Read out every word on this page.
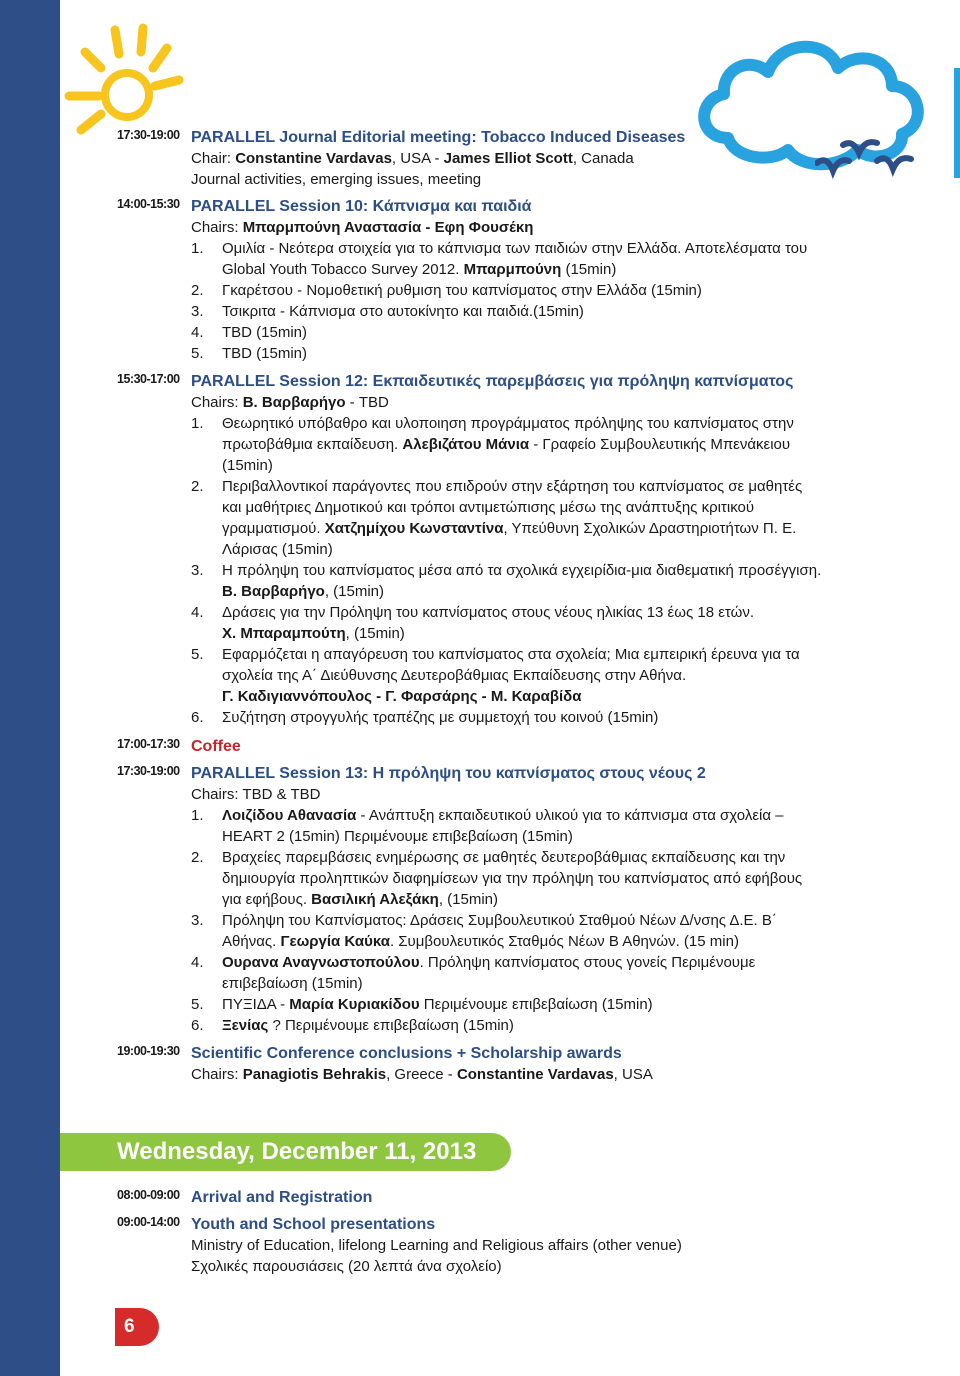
17:30-19:00 PARALLEL Journal Editorial meeting: Tobacco Induced Diseases
Chair: Constantine Vardavas, USA - James Elliot Scott, Canada
Journal activities, emerging issues, meeting
14:00-15:30 PARALLEL Session 10: Κάπνισμα και παιδιά
Chairs: Μπαρμπούνη Αναστασία - Εφη Φουσέκη
1. Ομιλία - Νεότερα στοιχεία για το κάπνισμα των παιδιών στην Ελλάδα. Αποτελέσματα του
Global Youth Tobacco Survey 2012. Μπαρμπούνη (15min)
2. Γκαρέτσου - Νομοθετική ρυθμιση του καπνίσματος στην Ελλάδα (15min)
3. Τσικριτα - Κάπνισμα στο αυτοκίνητο και παιδιά.(15min)
4. TBD (15min)
5. TBD (15min)
15:30-17:00 PARALLEL Session 12: Εκπαιδευτικές παρεμβάσεις για πρόληψη καπνίσματος
Chairs: Β. Βαρβαρήγο - TBD
1. Θεωρητικό υπόβαθρο και υλοποιηση προγράμματος πρόληψης του καπνίσματος στην
πρωτοβάθμια εκπαίδευση. Αλεβιζάτου Μάνια - Γραφείο Συμβουλευτικής Μπενάκειου
(15min)
2. Περιβαλλοντικοί παράγοντες που επιδρούν στην εξάρτηση του καπνίσματος σε μαθητές
και μαθήτριες Δημοτικού και τρόποι αντιμετώπισης μέσω της ανάπτυξης κριτικού
γραμματισμού. Χατζημίχου Κωνσταντίνα, Υπεύθυνη Σχολικών Δραστηριοτήτων Π. Ε.
Λάρισας (15min)
3. Η πρόληψη του καπνίσματος μέσα από τα σχολικά εγχειρίδια-μια διαθεματική προσέγγιση.
Β. Βαρβαρήγο, (15min)
4. Δράσεις για την Πρόληψη του καπνίσματος στους νέους ηλικίας 13 έως 18 ετών.
Χ. Μπαραμπούτη, (15min)
5. Εφαρμόζεται η απαγόρευση του καπνίσματος στα σχολεία; Μια εμπειρική έρευνα για τα
σχολεία της Α΄ Διεύθυνσης Δευτεροβάθμιας Εκπαίδευσης στην Αθήνα.
Γ. Καδιγιαννόπουλος - Γ. Φαρσάρης - Μ. Καραβίδα
6. Συζήτηση στρογγυλής τραπέζης με συμμετοχή του κοινού (15min)
17:00-17:30 Coffee
17:30-19:00 PARALLEL Session 13: Η πρόληψη του καπνίσματος στους νέους 2
Chairs: TBD & TBD
1. Λοιζίδου Αθανασία - Ανάπτυξη εκπαιδευτικού υλικού για το κάπνισμα στα σχολεία –
HEART 2 (15min) Περιμένουμε επιβεβαίωση (15min)
2. Βραχείες παρεμβάσεις ενημέρωσης σε μαθητές δευτεροβάθμιας εκπαίδευσης και την
δημιουργία προληπτικών διαφημίσεων για την πρόληψη του καπνίσματος από εφήβους
για εφήβους. Βασιλική Αλεξάκη, (15min)
3. Πρόληψη του Καπνίσματος: Δράσεις Συμβουλευτικού Σταθμού Νέων Δ/νσης Δ.Ε. Β΄
Αθήνας. Γεωργία Καύκα. Συμβουλευτικός Σταθμός Νέων Β Αθηνών. (15 min)
4. Ουρανα Αναγνωστοπούλου. Πρόληψη καπνίσματος στους γονείς Περιμένουμε
επιβεβαίωση (15min)
5. ΠΥΞΙΔΑ - Μαρία Κυριακίδου Περιμένουμε επιβεβαίωση (15min)
6. Ξενίας ? Περιμένουμε επιβεβαίωση (15min)
19:00-19:30 Scientific Conference conclusions + Scholarship awards
Chairs: Panagiotis Behrakis, Greece - Constantine Vardavas, USA
Wednesday, December 11, 2013
08:00-09:00 Arrival and Registration
09:00-14:00 Youth and School presentations
Ministry of Education, lifelong Learning and Religious affairs (other venue)
Σχολικές παρουσιάσεις (20 λεπτά άνα σχολείο)
6
